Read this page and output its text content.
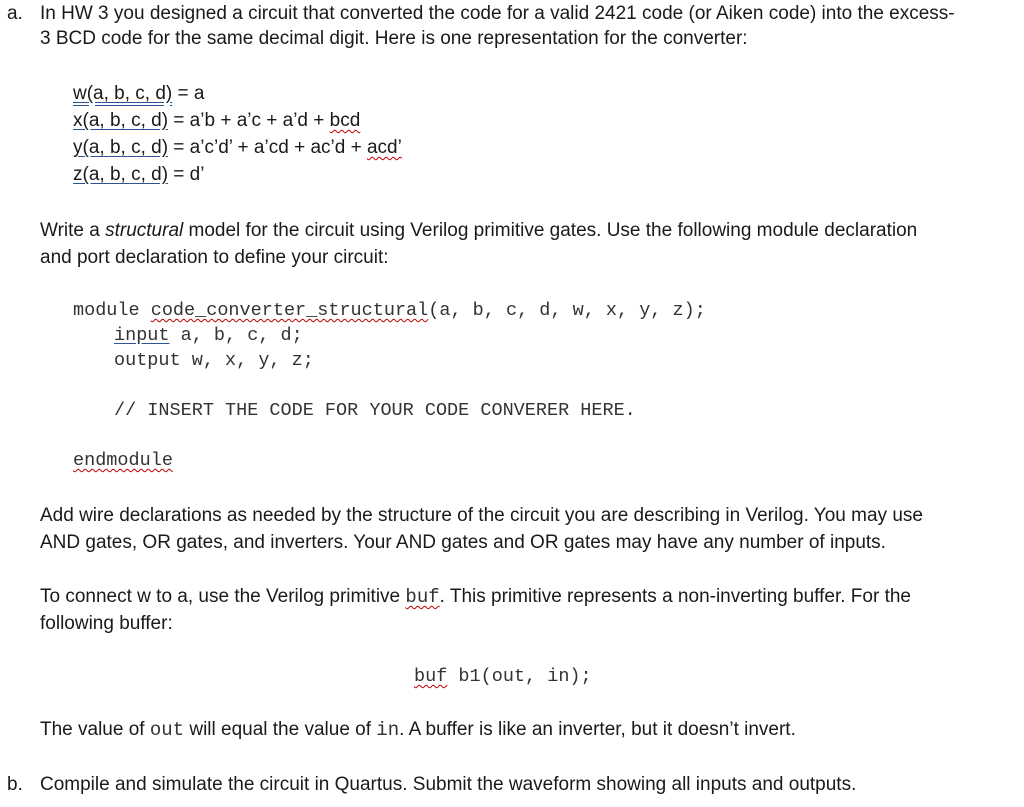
a. In HW 3 you designed a circuit that converted the code for a valid 2421 code (or Aiken code) into the excess-
3 BCD code for the same decimal digit. Here is one representation for the converter:
w(a, b, c, d) = a
x(a, b, c, d) = a’b + a’c + a’d + bcd
y(a, b, c, d) = a’c’d’ + a’cd + ac’d + acd’
z(a, b, c, d) = d’
Write a structural model for the circuit using Verilog primitive gates. Use the following module declaration
and port declaration to define your circuit:
module code_converter_structural(a, b, c, d, w, x, y, z);
input a, b, c, d;
output w, x, y, z;
// INSERT THE CODE FOR YOUR CODE CONVERER HERE.
endmodule
Add wire declarations as needed by the structure of the circuit you are describing in Verilog. You may use
AND gates, OR gates, and inverters. Your AND gates and OR gates may have any number of inputs.
To connect w to a, use the Verilog primitive buf. This primitive represents a non-inverting buffer. For the
following buffer:
buf b1(out, in);
The value of out will equal the value of in. A buffer is like an inverter, but it doesn’t invert.
b. Compile and simulate the circuit in Quartus. Submit the waveform showing all inputs and outputs.
